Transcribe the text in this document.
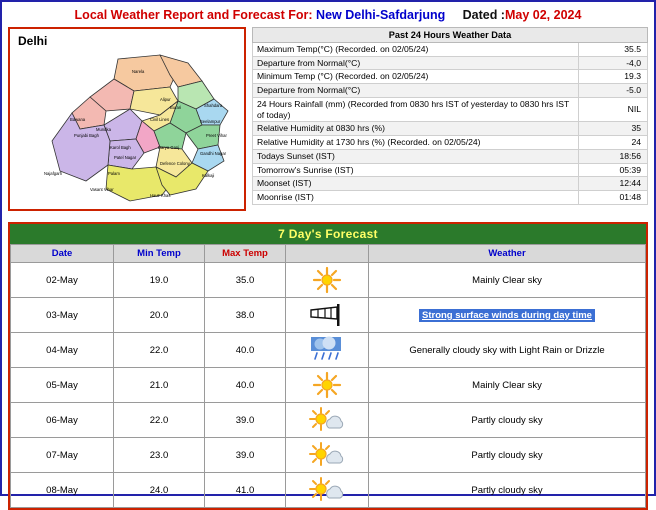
Local Weather Report and Forecast For: New Delhi-Safdarjung Dated :May 02, 2024
Delhi
Narela
Bawana
Alipur
Mundka
Burari	Shahdara
Punjabi Bagh
Civil Lines	Seelampur
Karol Bagh
Preet Vihar
Patel Nagar
Darya Ganj
Gandhi Nagar
Najafgarh	Palam
Defence Colony
Kalkaji
Vasant Vihar
Hauz Khas
Past 24 Hours Weather Data	
Maximum Temp(°C) (Recorded. on 02/05/24)	35.5
Departure from Normal(°C)	-4,0
Minimum Temp (°C) (Recorded. on 02/05/24)	19.3
Departure from Normal(°C)	-5.0
24 Hours Rainfall (mm) (Recorded from 0830 hrs IST of yesterday to 0830 hrs IST of today)	NIL
Relative Humidity at 0830 hrs (%)	35
Relative Humidity at 1730 hrs (%) (Recorded. on 02/05/24)	24
Todays Sunset (IST)	18:56
Tomorrow's Sunrise (IST)	05:39
Moonset (IST)	12:44
Moonrise (IST)	01:48
7 Day's Forecast
Date	Min Temp	Max Temp		Weather
02-May	19.0	35.0		Mainly Clear sky
03-May	20.0	38.0		Strong surface winds during day time
04-May	22.0	40.0		Generally cloudy sky with Light Rain or Drizzle
05-May	21.0	40.0		Mainly Clear sky
06-May	22.0	39.0		Partly cloudy sky
07-May	23.0	39.0		Partly cloudy sky
08-May	24.0	41.0		Partly cloudy sky
